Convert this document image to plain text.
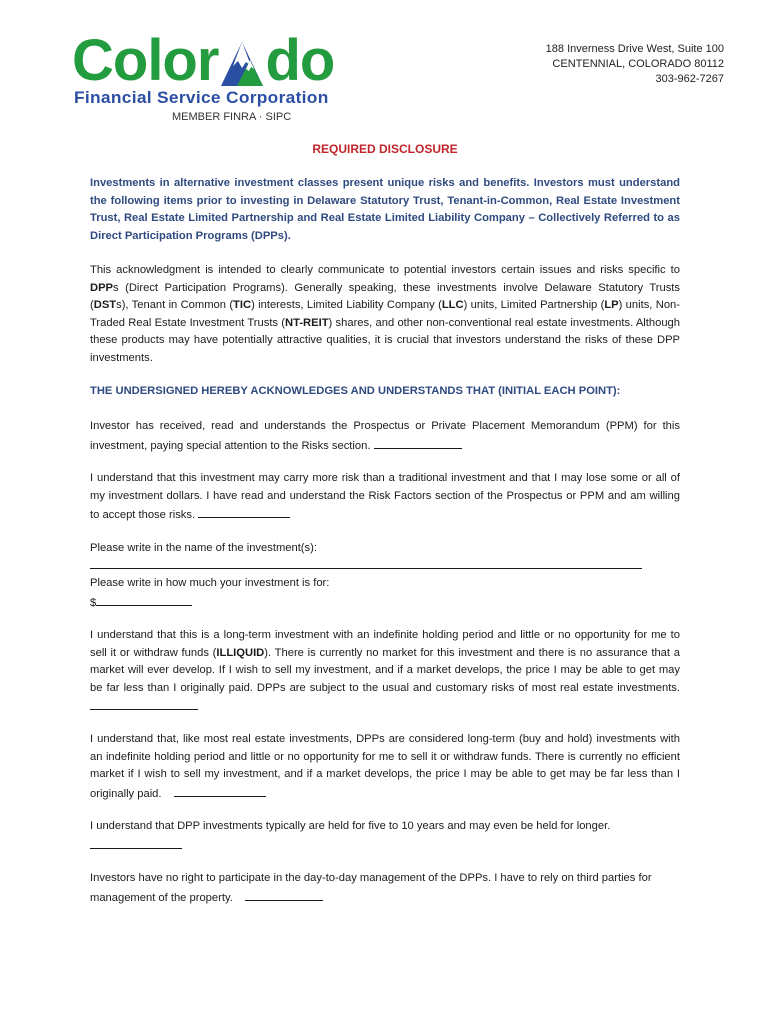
Color do
Financial Service Corporation
MEMBER FINRA · SIPC
188 Inverness Drive West, Suite 100
CENTENNIAL, COLORADO 80112
303-962-7267
REQUIRED DISCLOSURE
Investments in alternative investment classes present unique risks and benefits. Investors must understand the following items prior to investing in Delaware Statutory Trust, Tenant-in-Common, Real Estate Investment Trust, Real Estate Limited Partnership and Real Estate Limited Liability Company – Collectively Referred to as Direct Participation Programs (DPPs).
This acknowledgment is intended to clearly communicate to potential investors certain issues and risks specific to DPPs (Direct Participation Programs). Generally speaking, these investments involve Delaware Statutory Trusts (DSTs), Tenant in Common (TIC) interests, Limited Liability Company (LLC) units, Limited Partnership (LP) units, Non-Traded Real Estate Investment Trusts (NT-REIT) shares, and other non-conventional real estate investments. Although these products may have potentially attractive qualities, it is crucial that investors understand the risks of these DPP investments.
THE UNDERSIGNED HEREBY ACKNOWLEDGES AND UNDERSTANDS THAT (INITIAL EACH POINT):
Investor has received, read and understands the Prospectus or Private Placement Memorandum (PPM) for this investment, paying special attention to the Risks section.
I understand that this investment may carry more risk than a traditional investment and that I may lose some or all of my investment dollars. I have read and understand the Risk Factors section of the Prospectus or PPM and am willing to accept those risks.
Please write in the name of the investment(s):
Please write in how much your investment is for:
$
I understand that this is a long-term investment with an indefinite holding period and little or no opportunity for me to sell it or withdraw funds (ILLIQUID). There is currently no market for this investment and there is no assurance that a market will ever develop. If I wish to sell my investment, and if a market develops, the price I may be able to get may be far less than I originally paid. DPPs are subject to the usual and customary risks of most real estate investments.
I understand that, like most real estate investments, DPPs are considered long-term (buy and hold) investments with an indefinite holding period and little or no opportunity for me to sell it or withdraw funds. There is currently no efficient market if I wish to sell my investment, and if a market develops, the price I may be able to get may be far less than I originally paid.
I understand that DPP investments typically are held for five to 10 years and may even be held for longer.

Investors have no right to participate in the day-to-day management of the DPPs. I have to rely on third parties for management of the property.
